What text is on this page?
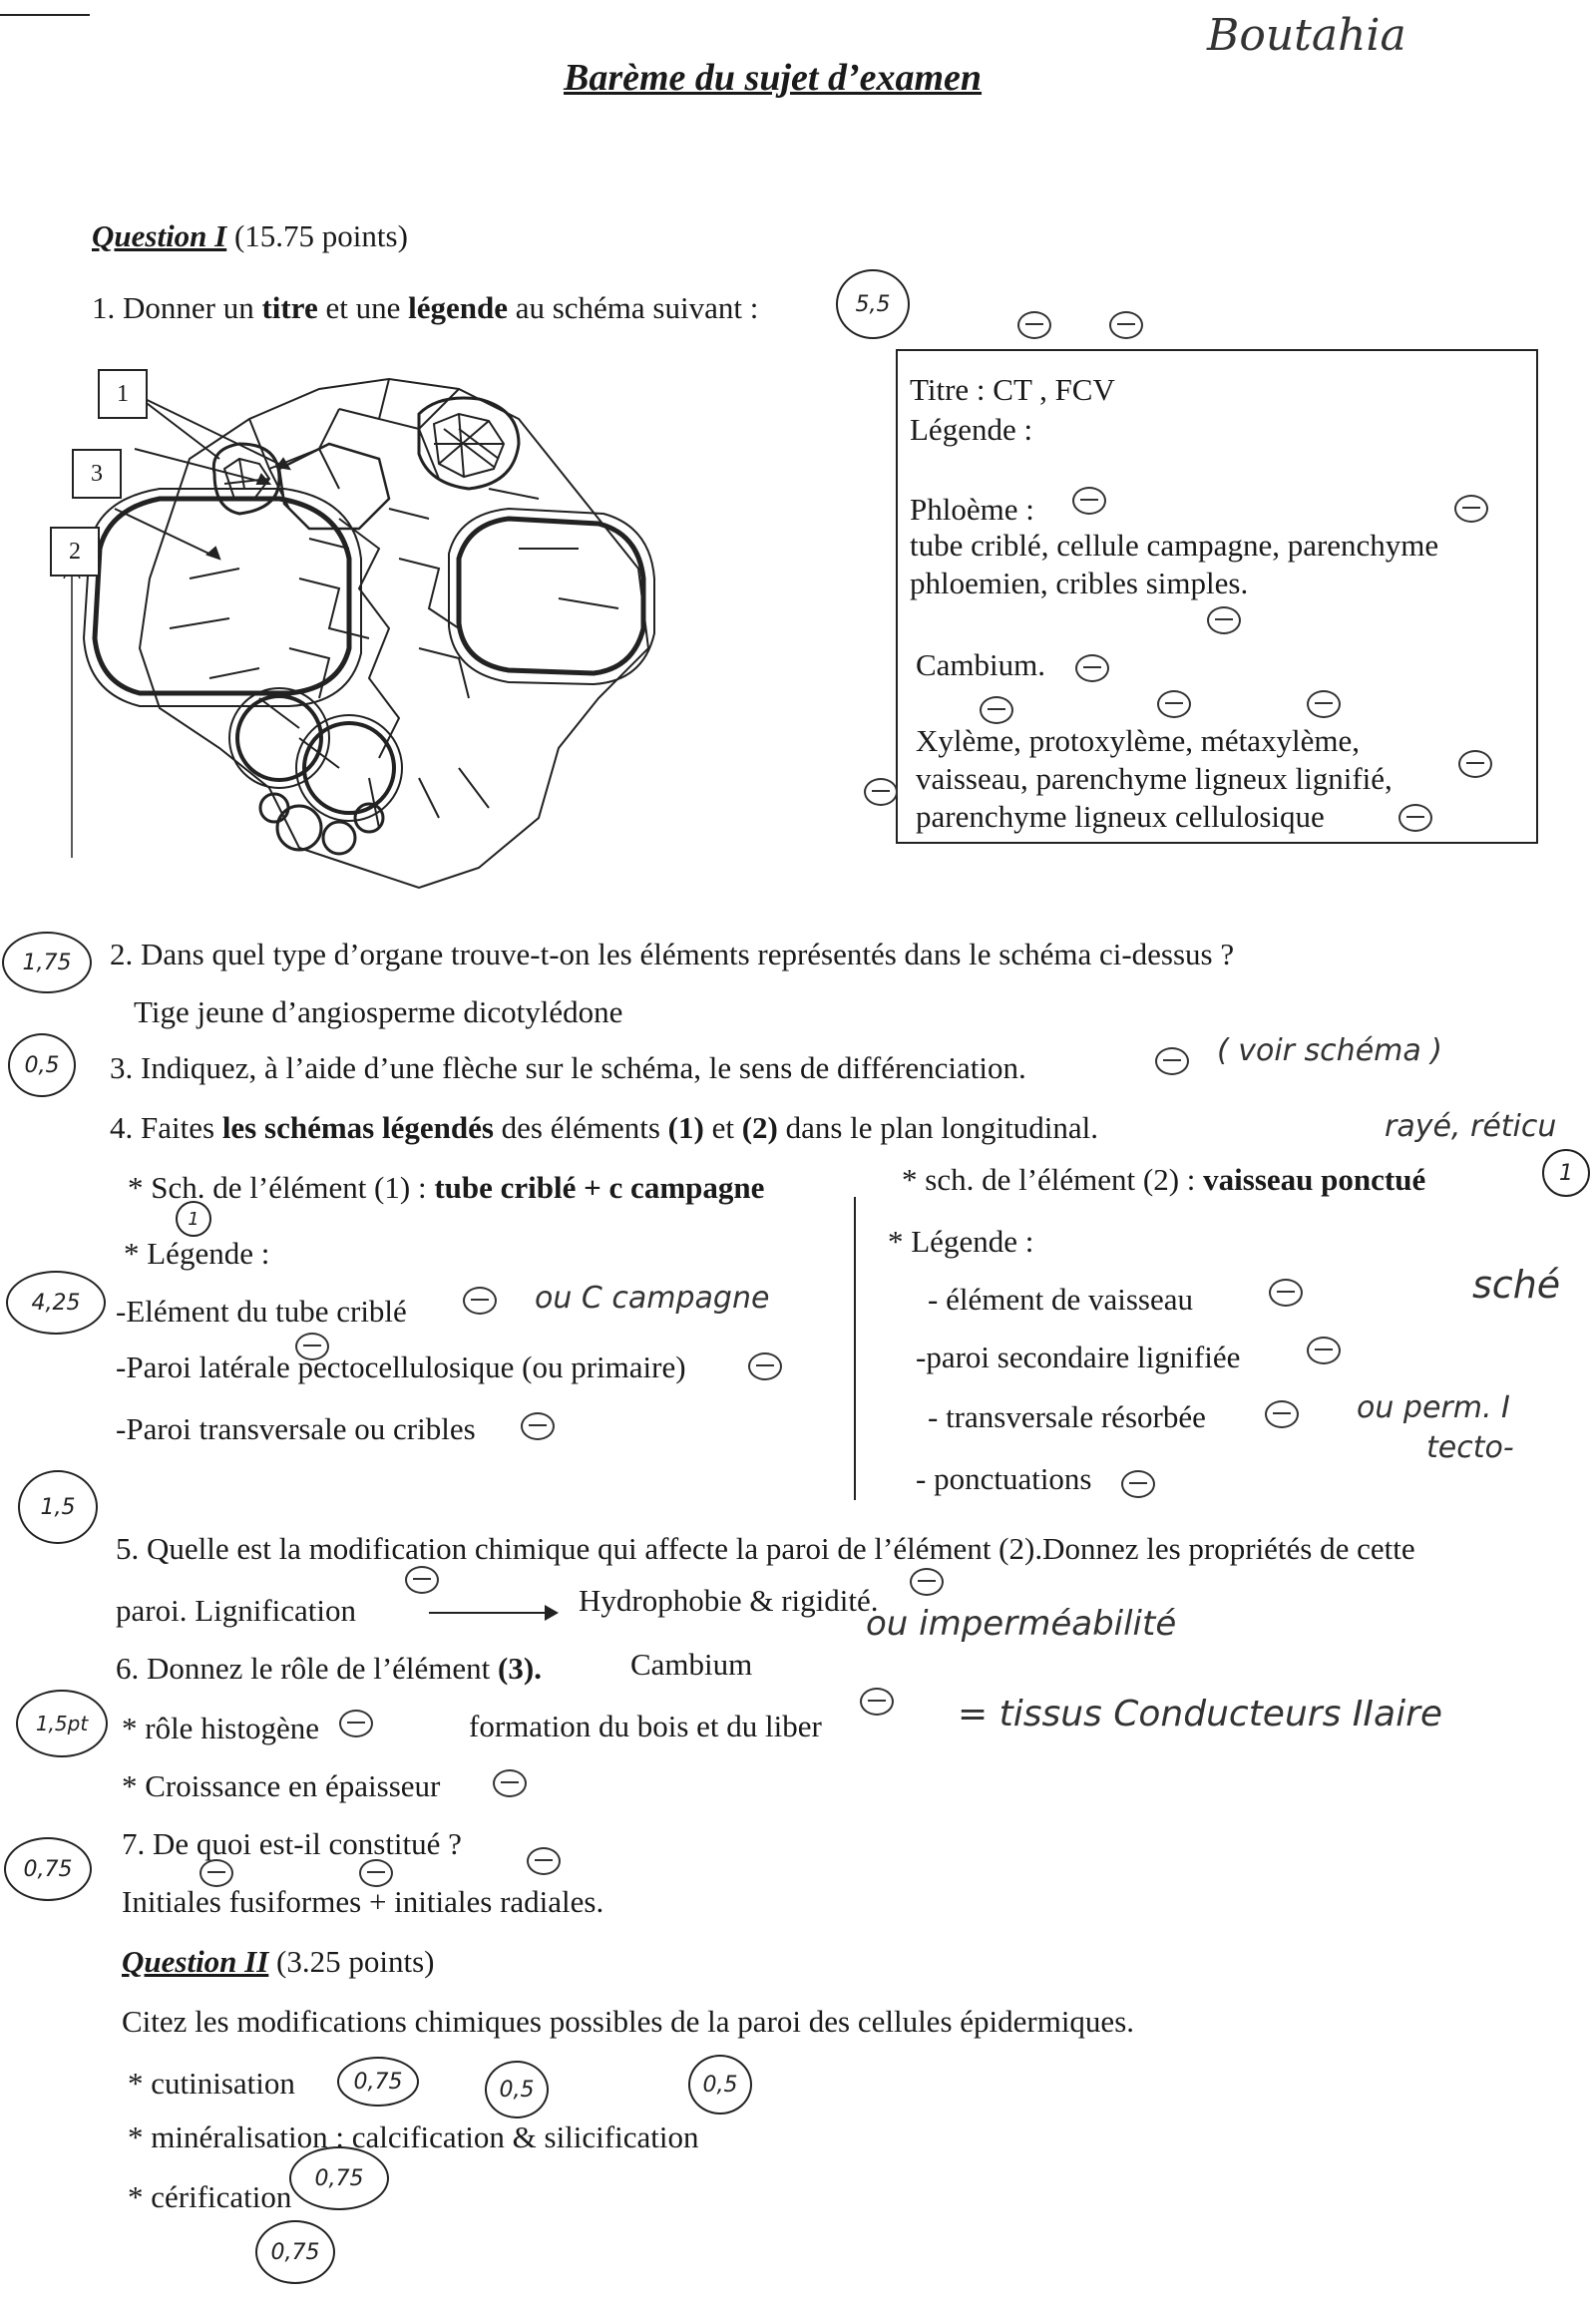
Barème du sujet d’examen
Boutahia
Question I (15.75 points)
1. Donner un titre et une légende au schéma suivant :	5,5
1
3
2
Titre : CT , FCV
Légende :
Phloème :
tube criblé, cellule campagne, parenchyme
phloemien, cribles simples.
Cambium.
Xylème, protoxylème, métaxylème,
vaisseau, parenchyme ligneux lignifié,
parenchyme ligneux cellulosique
1,75	2. Dans quel type d’organe trouve-t-on les éléments représentés dans le schéma ci-dessus ?
Tige jeune d’angiosperme dicotylédone
0,5	3. Indiquez, à l’aide d’une flèche sur le schéma, le sens de différenciation.	( voir schéma )
4. Faites les schémas légendés des éléments (1) et (2) dans le plan longitudinal.	rayé, réticu
sché
* Sch. de l’élément (1) : tube criblé + c campagne
1
* Légende :
4,25	-Elément du tube criblé	ou C campagne
-Paroi latérale pectocellulosique (ou primaire)
-Paroi transversale ou cribles
* sch. de l’élément (2) : vaisseau ponctué	1
* Légende :
- élément de vaisseau
-paroi secondaire lignifiée
- transversale résorbée	ou perm. I
tecto-
- ponctuations
1,5
5. Quelle est la modification chimique qui affecte la paroi de l’élément (2).Donnez les propriétés de cette
paroi. Lignification	Hydrophobie & rigidité.
ou imperméabilité
6. Donnez le rôle de l’élément (3).	Cambium
1,5pt	* rôle histogène	formation du bois et du liber	= tissus Conducteurs IIaire
* Croissance en épaisseur
0,75
7. De quoi est-il constitué ?
Initiales fusiformes + initiales radiales.
Question II (3.25 points)
Citez les modifications chimiques possibles de la paroi des cellules épidermiques.
* cutinisation	0,75	0,5	0,5
* minéralisation : calcification & silicification
* cérification
0,75
0,75
